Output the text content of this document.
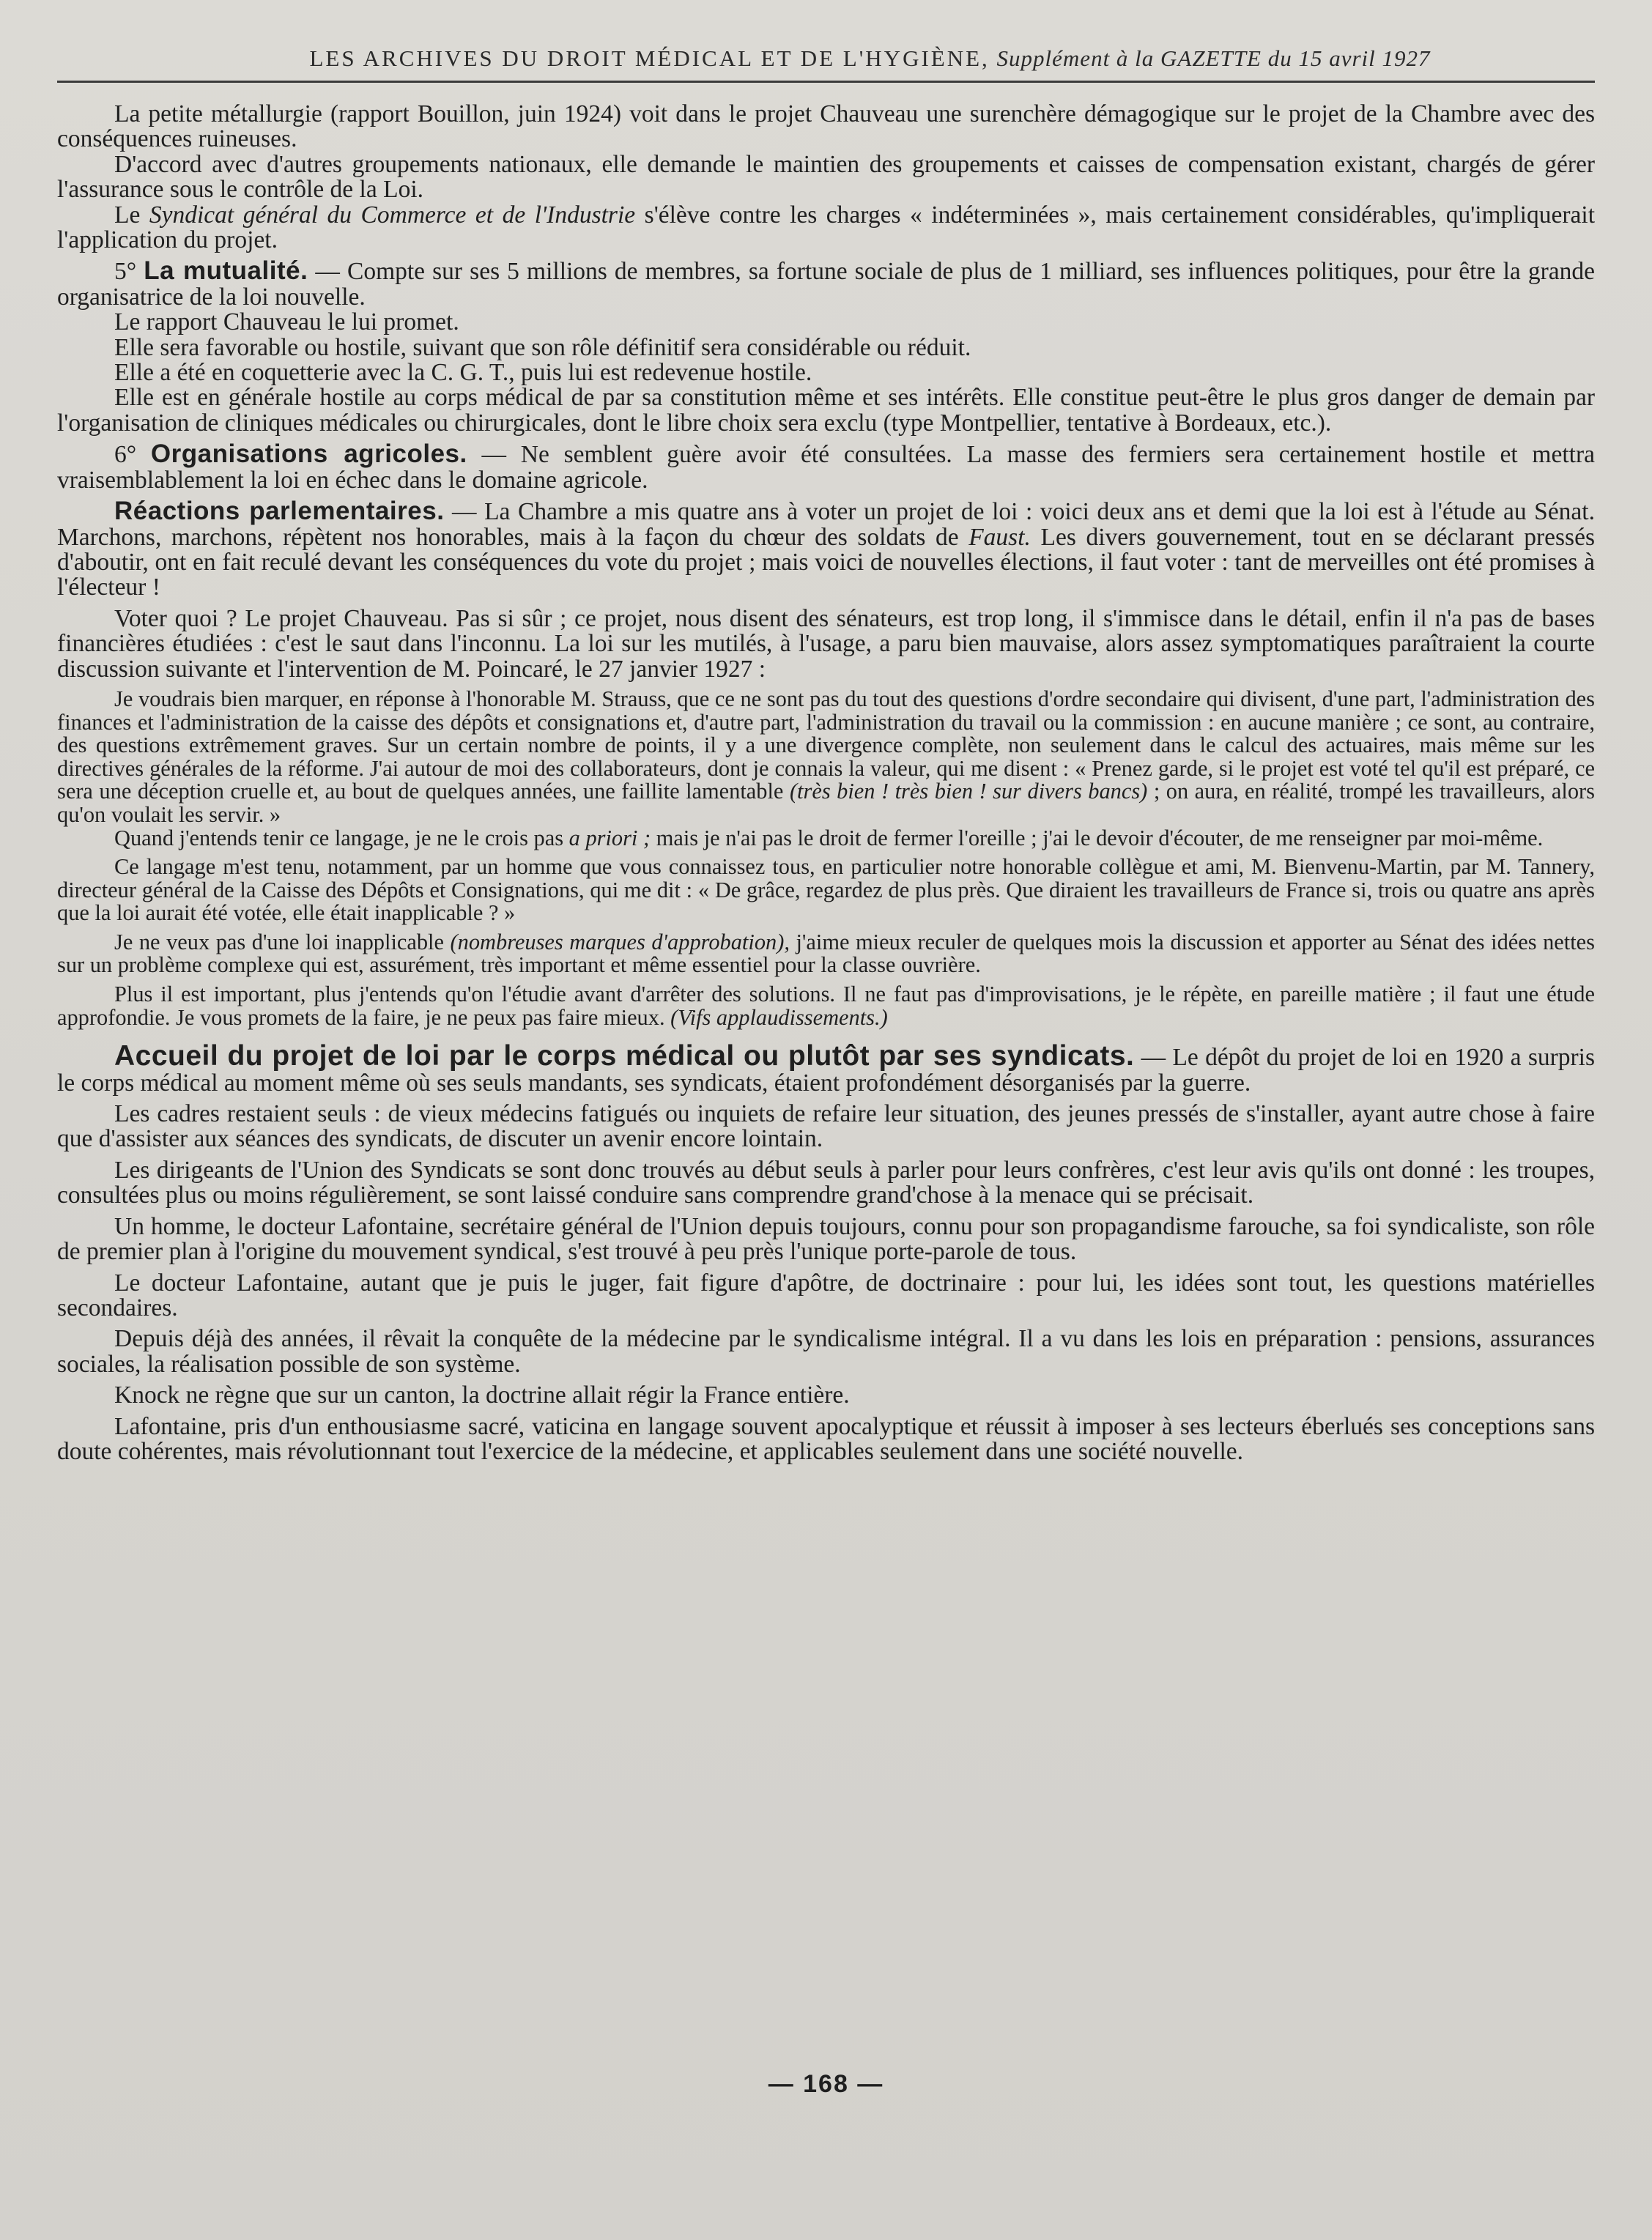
LES ARCHIVES DU DROIT MÉDICAL ET DE L'HYGIÈNE, Supplément à la GAZETTE du 15 avril 1927

La petite métallurgie (rapport Bouillon, juin 1924) voit dans le projet Chauveau une surenchère démagogique sur le projet de la Chambre avec des conséquences ruineuses.

D'accord avec d'autres groupements nationaux, elle demande le maintien des groupements et caisses de compensation existant, chargés de gérer l'assurance sous le contrôle de la Loi.

Le Syndicat général du Commerce et de l'Industrie s'élève contre les charges « indéterminées », mais certainement considérables, qu'impliquerait l'application du projet.

5° La mutualité. — Compte sur ses 5 millions de membres, sa fortune sociale de plus de 1 milliard, ses influences politiques, pour être la grande organisatrice de la loi nouvelle.

Le rapport Chauveau le lui promet.

Elle sera favorable ou hostile, suivant que son rôle définitif sera considérable ou réduit.

Elle a été en coquetterie avec la C. G. T., puis lui est redevenue hostile.

Elle est en générale hostile au corps médical de par sa constitution même et ses intérêts. Elle constitue peut-être le plus gros danger de demain par l'organisation de cliniques médicales ou chirurgicales, dont le libre choix sera exclu (type Montpellier, tentative à Bordeaux, etc.).

6° Organisations agricoles. — Ne semblent guère avoir été consultées. La masse des fermiers sera certainement hostile et mettra vraisemblablement la loi en échec dans le domaine agricole.

Réactions parlementaires. — La Chambre a mis quatre ans à voter un projet de loi : voici deux ans et demi que la loi est à l'étude au Sénat. Marchons, marchons, répètent nos honorables, mais à la façon du chœur des soldats de Faust. Les divers gouvernement, tout en se déclarant pressés d'aboutir, ont en fait reculé devant les conséquences du vote du projet ; mais voici de nouvelles élections, il faut voter : tant de merveilles ont été promises à l'électeur !

Voter quoi ? Le projet Chauveau. Pas si sûr ; ce projet, nous disent des sénateurs, est trop long, il s'immisce dans le détail, enfin il n'a pas de bases financières étudiées : c'est le saut dans l'inconnu. La loi sur les mutilés, à l'usage, a paru bien mauvaise, alors assez symptomatiques paraîtraient la courte discussion suivante et l'intervention de M. Poincaré, le 27 janvier 1927 :

Je voudrais bien marquer, en réponse à l'honorable M. Strauss, que ce ne sont pas du tout des questions d'ordre secondaire qui divisent, d'une part, l'administration des finances et l'administration de la caisse des dépôts et consignations et, d'autre part, l'administration du travail ou la commission : en aucune manière ; ce sont, au contraire, des questions extrêmement graves. Sur un certain nombre de points, il y a une divergence complète, non seulement dans le calcul des actuaires, mais même sur les directives générales de la réforme. J'ai autour de moi des collaborateurs, dont je connais la valeur, qui me disent : « Prenez garde, si le projet est voté tel qu'il est préparé, ce sera une déception cruelle et, au bout de quelques années, une faillite lamentable (très bien ! très bien ! sur divers bancs) ; on aura, en réalité, trompé les travailleurs, alors qu'on voulait les servir. »

Quand j'entends tenir ce langage, je ne le crois pas a priori ; mais je n'ai pas le droit de fermer l'oreille ; j'ai le devoir d'écouter, de me renseigner par moi-même.

Ce langage m'est tenu, notamment, par un homme que vous connaissez tous, en particulier notre honorable collègue et ami, M. Bienvenu-Martin, par M. Tannery, directeur général de la Caisse des Dépôts et Consignations, qui me dit : « De grâce, regardez de plus près. Que diraient les travailleurs de France si, trois ou quatre ans après que la loi aurait été votée, elle était inapplicable ? »

Je ne veux pas d'une loi inapplicable (nombreuses marques d'approbation), j'aime mieux reculer de quelques mois la discussion et apporter au Sénat des idées nettes sur un problème complexe qui est, assurément, très important et même essentiel pour la classe ouvrière.

Plus il est important, plus j'entends qu'on l'étudie avant d'arrêter des solutions. Il ne faut pas d'improvisations, je le répète, en pareille matière ; il faut une étude approfondie. Je vous promets de la faire, je ne peux pas faire mieux. (Vifs applaudissements.)

Accueil du projet de loi par le corps médical ou plutôt par ses syndicats. — Le dépôt du projet de loi en 1920 a surpris le corps médical au moment même où ses seuls mandants, ses syndicats, étaient profondément désorganisés par la guerre.

Les cadres restaient seuls : de vieux médecins fatigués ou inquiets de refaire leur situation, des jeunes pressés de s'installer, ayant autre chose à faire que d'assister aux séances des syndicats, de discuter un avenir encore lointain.

Les dirigeants de l'Union des Syndicats se sont donc trouvés au début seuls à parler pour leurs confrères, c'est leur avis qu'ils ont donné : les troupes, consultées plus ou moins régulièrement, se sont laissé conduire sans comprendre grand'chose à la menace qui se précisait.

Un homme, le docteur Lafontaine, secrétaire général de l'Union depuis toujours, connu pour son propagandisme farouche, sa foi syndicaliste, son rôle de premier plan à l'origine du mouvement syndical, s'est trouvé à peu près l'unique porte-parole de tous.

Le docteur Lafontaine, autant que je puis le juger, fait figure d'apôtre, de doctrinaire : pour lui, les idées sont tout, les questions matérielles secondaires.

Depuis déjà des années, il rêvait la conquête de la médecine par le syndicalisme intégral. Il a vu dans les lois en préparation : pensions, assurances sociales, la réalisation possible de son système.

Knock ne règne que sur un canton, la doctrine allait régir la France entière.

Lafontaine, pris d'un enthousiasme sacré, vaticina en langage souvent apocalyptique et réussit à imposer à ses lecteurs éberlués ses conceptions sans doute cohérentes, mais révolutionnant tout l'exercice de la médecine, et applicables seulement dans une société nouvelle.

— 168 —
